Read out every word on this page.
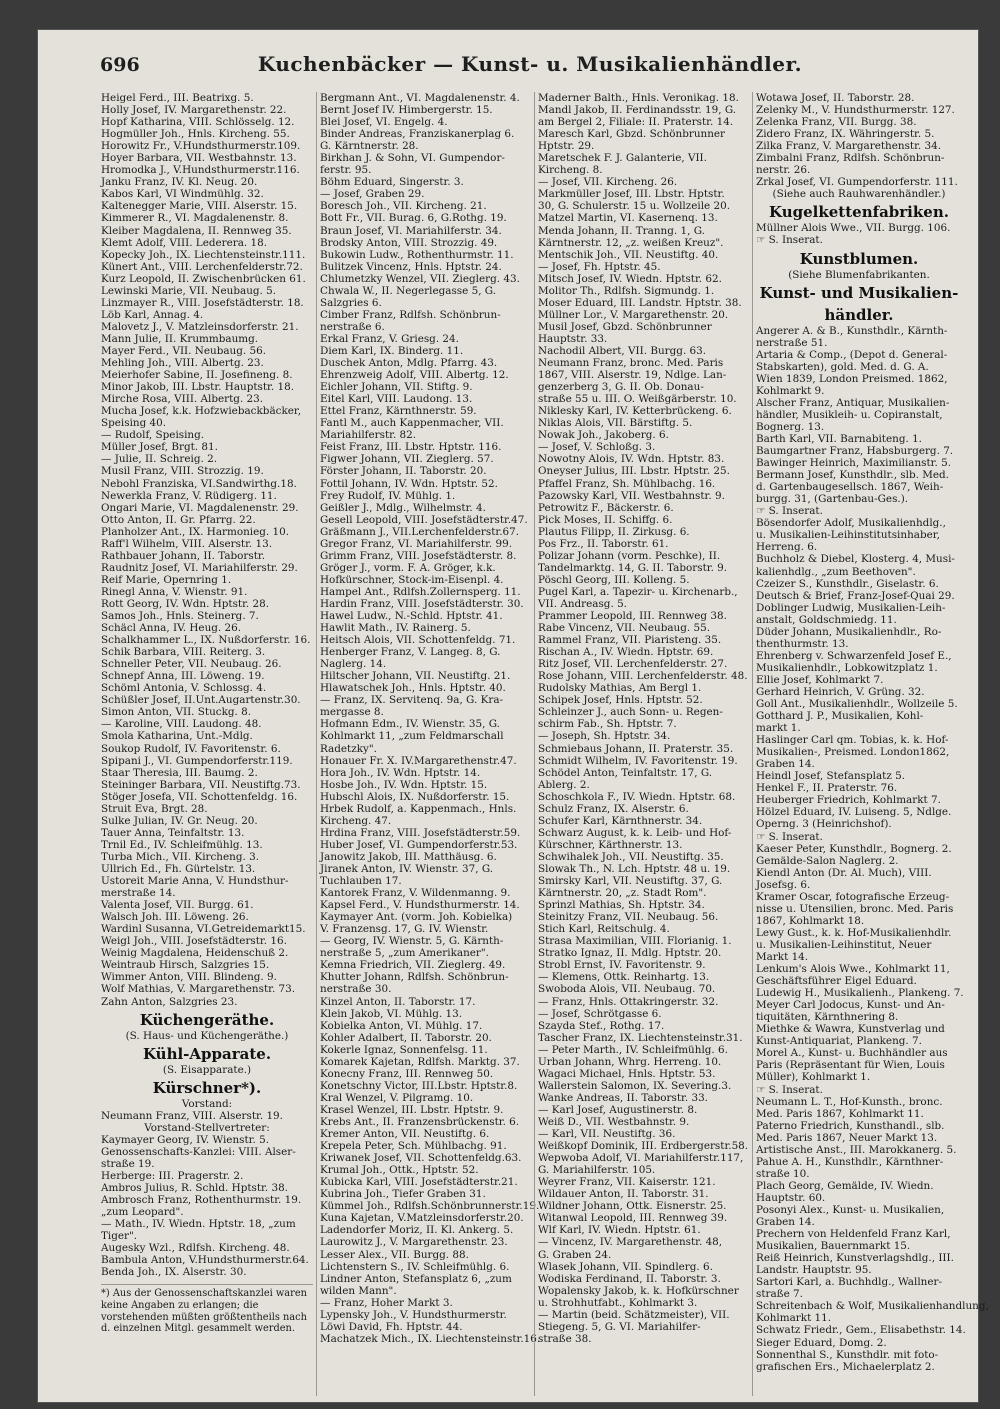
696	Kuchenbäcker — Kunst- u. Musikalienhändler.
Heigel Ferd., III. Beatrixg. 5.
Holly Josef, IV. Margarethenstr. 22.
Hopf Katharina, VIII. Schlösselg. 12.
Hogmüller Joh., Hnls. Kircheng. 55.
Horowitz Fr., V.Hundsthurmerstr.109.
Hoyer Barbara, VII. Westbahnstr. 13.
Hromodka J., V.Hundsthurmerstr.116.
Janku Franz, IV. Kl. Neug. 20.
Kabos Karl, VI Windmühlg. 32.
Kaltenegger Marie, VIII. Alserstr. 15.
Kimmerer R., VI. Magdalenenstr. 8.
Kleiber Magdalena, II. Rennweg 35.
Klemt Adolf, VIII. Lederera. 18.
Kopecky Joh., IX. Liechtensteinstr.111.
Künert Ant., VIII. Lerchenfelderstr.72.
Kurz Leopold, II. Zwischenbrücken 61.
Lewinski Marie, VII. Neubaug. 5.
Linzmayer R., VIII. Josefstädterstr. 18.
Löb Karl, Annag. 4.
Malovetz J., V. Matzleinsdorferstr. 21.
Mann Julie, II. Krummbaumg.
Mayer Ferd., VII. Neubaug. 56.
Mehling Joh., VIII. Albertg. 23.
Meierhofer Sabine, II. Josefineng. 8.
Minor Jakob, III. Lbstr. Hauptstr. 18.
Mirche Rosa, VIII. Albertg. 23.
Mucha Josef, k.k. Hofzwiebackbäcker,
Speising 40.
— Rudolf, Speising.
Müller Josef, Brgt. 81.
— Julie, II. Schreig. 2.
Musil Franz, VIII. Strozzig. 19.
Nebohl Franziska, VI.Sandwirthg.18.
Newerkla Franz, V. Rüdigerg. 11.
Ongari Marie, VI. Magdalenenstr. 29.
Otto Anton, II. Gr. Pfarrg. 22.
Planholzer Ant., IX. Harmonieg. 10.
Raff'l Wilhelm, VIII. Alserstr. 13.
Rathbauer Johann, II. Taborstr.
Raudnitz Josef, VI. Mariahilferstr. 29.
Reif Marie, Opernring 1.
Rinegl Anna, V. Wienstr. 91.
Rott Georg, IV. Wdn. Hptstr. 28.
Samos Joh., Hnls. Steinerg. 7.
Schäcl Anna, IV. Heug. 26.
Schalkhammer L., IX. Nußdorferstr. 16.
Schik Barbara, VIII. Reiterg. 3.
Schneller Peter, VII. Neubaug. 26.
Schnepf Anna, III. Löweng. 19.
Schöml Antonia, V. Schlossg. 4.
Schüßler Josef, II.Unt.Augartenstr.30.
Simon Anton, VII. Stuckg. 8.
— Karoline, VIII. Laudong. 48.
Smola Katharina, Unt.-Mdlg.
Soukop Rudolf, IV. Favoritenstr. 6.
Spipani J., VI. Gumpendorferstr.119.
Staar Theresia, III. Baumg. 2.
Steininger Barbara, VII. Neustiftg.73.
Stöger Josefa, VII. Schottenfeldg. 16.
Struit Eva, Brgt. 28.
Sulke Julian, IV. Gr. Neug. 20.
Tauer Anna, Teinfaltstr. 13.
Trnil Ed., IV. Schleifmühlg. 13.
Turba Mich., VII. Kircheng. 3.
Ullrich Ed., Fh. Gürtelstr. 13.
Ustoreit Marie Anna, V. Hundsthur-
merstraße 14.
Valenta Josef, VII. Burgg. 61.
Walsch Joh. III. Löweng. 26.
Wardinl Susanna, VI.Getreidemarkt15.
Weigl Joh., VIII. Josefstädterstr. 16.
Weinig Magdalena, Heidenschuß 2.
Weintraub Hirsch, Salzgries 15.
Wimmer Anton, VIII. Blindeng. 9.
Wolf Mathias, V. Margarethenstr. 73.
Zahn Anton, Salzgries 23.
Küchengeräthe.
(S. Haus- und Küchengeräthe.)
Kühl-Apparate.
(S. Eisapparate.)
Kürschner*).
Vorstand:
Neumann Franz, VIII. Alserstr. 19.
Vorstand-Stellvertreter:
Kaymayer Georg, IV. Wienstr. 5.
Genossenschafts-Kanzlei: VIII. Alser-
straße 19.
Herberge: III. Pragerstr. 2.
Ambros Julius, R. Schld. Hptstr. 38.
Ambrosch Franz, Rothenthurmstr. 19.
„zum Leopard".
— Math., IV. Wiedn. Hptstr. 18, „zum
Tiger".
Augesky Wzl., Rdlfsh. Kircheng. 48.
Bambula Anton, V.Hundsthurmerstr.64.
Benda Joh., IX. Alserstr. 30.
*) Aus der Genossenschaftskanzlei waren keine Angaben zu erlangen; die vorstehenden müßten größtentheils nach d. einzelnen Mitgl. gesammelt werden.
Bergmann Ant., VI. Magdalenenstr. 4.
Bernt Josef IV. Himbergerstr. 15.
Blei Josef, VI. Engelg. 4.
Binder Andreas, Franziskanerplag 6.
G. Kärntnerstr. 28.
Birkhan J. & Sohn, VI. Gumpendor-
ferstr. 95.
Böhm Eduard, Singerstr. 3.
— Josef, Graben 29.
Boresch Joh., VII. Kircheng. 21.
Bott Fr., VII. Burag. 6, G.Rothg. 19.
Braun Josef, VI. Mariahilferstr. 34.
Brodsky Anton, VIII. Strozzig. 49.
Bukowin Ludw., Rothenthurmstr. 11.
Bulitzek Vincenz, Hnls. Hptstr. 24.
Chlumetzky Wenzel, VII. Zieglerg. 43.
Chwala W., II. Negerlegasse 5, G.
Salzgries 6.
Cimber Franz, Rdlfsh. Schönbrun-
nerstraße 6.
Erkal Franz, V. Griesg. 24.
Diem Karl, IX. Binderg. 11.
Duschek Anton, Mdlg. Pfarrg. 43.
Ehrenzweig Adolf, VIII. Albertg. 12.
Eichler Johann, VII. Stiftg. 9.
Eitel Karl, VIII. Laudong. 13.
Ettel Franz, Kärnthnerstr. 59.
Fantl M., auch Kappenmacher, VII.
Mariahilferstr. 82.
Feist Franz, III. Lbstr. Hptstr. 116.
Figwer Johann, VII. Zieglerg. 57.
Förster Johann, II. Taborstr. 20.
Fottil Johann, IV. Wdn. Hptstr. 52.
Frey Rudolf, IV. Mühlg. 1.
Geißler J., Mdlg., Wilhelmstr. 4.
Gesell Leopold, VIII. Josefstädterstr.47.
Gräßmann J., VII.Lerchenfelderstr.67.
Gregor Franz, VI. Mariahilferstr. 99.
Grimm Franz, VIII. Josefstädterstr. 8.
Gröger J., vorm. F. A. Gröger, k.k.
Hofkürschner, Stock-im-Eisenpl. 4.
Hampel Ant., Rdlfsh.Zollernsperg. 11.
Hardin Franz, VIII. Josefstädterstr. 30.
Hawel Ludw., N.-Schld. Hptstr. 41.
Hawlit Math., IV. Rainerg. 5.
Heitsch Alois, VII. Schottenfeldg. 71.
Henberger Franz, V. Langeg. 8, G.
Naglerg. 14.
Hiltscher Johann, VII. Neustiftg. 21.
Hlawatschek Joh., Hnls. Hptstr. 40.
— Franz, IX. Servitenq. 9a, G. Kra-
mergasse 8.
Hofmann Edm., IV. Wienstr. 35, G.
Kohlmarkt 11, „zum Feldmarschall
Radetzky".
Honauer Fr. X. IV.Margarethenstr.47.
Hora Joh., IV. Wdn. Hptstr. 14.
Hosbe Joh., IV. Wdn. Hptstr. 15.
Hubschl Alois, IX. Nußdorferstr. 15.
Hrbek Rudolf, a. Kappenmach., Hnls.
Kircheng. 47.
Hrdina Franz, VIII. Josefstädterstr.59.
Huber Josef, VI. Gumpendorferstr.53.
Janowitz Jakob, III. Matthäusg. 6.
Jiranek Anton, IV. Wienstr. 37, G.
Tuchlauben 17.
Kantorek Franz, V. Wildenmanng. 9.
Kapsel Ferd., V. Hundsthurmerstr. 14.
Kaymayer Ant. (vorm. Joh. Kobielka)
V. Franzensg. 17, G. IV. Wienstr.
— Georg, IV. Wienstr. 5, G. Kärnth-
nerstraße 5, „zum Amerikaner".
Kemna Friedrich, VII. Zieglerg. 49.
Khutter Johann, Rdlfsh. Schönbrun-
nerstraße 30.
Kinzel Anton, II. Taborstr. 17.
Klein Jakob, VI. Mühlg. 13.
Kobielka Anton, VI. Mühlg. 17.
Kohler Adalbert, II. Taborstr. 20.
Kokerle Ignaz, Sonnenfelsg. 11.
Komarek Kajetan, Rdlfsh. Marktg. 37.
Konecny Franz, III. Rennweg 50.
Konetschny Victor, III.Lbstr. Hptstr.8.
Kral Wenzel, V. Pilgramg. 10.
Krasel Wenzel, III. Lbstr. Hptstr. 9.
Krebs Ant., II. Franzensbrückenstr. 6.
Kremer Anton, VII. Neustiftg. 6.
Krepela Peter, Sch. Mühlbachg. 91.
Kriwanek Josef, VII. Schottenfeldg.63.
Krumal Joh., Ottk., Hptstr. 52.
Kubicka Karl, VIII. Josefstädterstr.21.
Kubrina Joh., Tiefer Graben 31.
Kümmel Joh., Rdlfsh.Schönbrunnerstr.19.
Kuna Kajetan, V.Matzleinsdorferstr.20.
Ladendorfer Moriz, II. Kl. Ankerg. 5.
Laurowitz J., V. Margarethenstr. 23.
Lesser Alex., VII. Burgg. 88.
Lichtenstern S., IV. Schleifmühlg. 6.
Lindner Anton, Stefansplatz 6, „zum
wilden Mann".
— Franz, Hoher Markt 3.
Lypensky Joh., V. Hundsthurmerstr.
Löwi David, Fh. Hptstr. 44.
Machatzek Mich., IX. Liechtensteinstr.16.
Maderner Balth., Hnls. Veronikag. 18.
Mandl Jakob, II. Ferdinandsstr. 19, G.
am Bergel 2, Filiale: II. Praterstr. 14.
Maresch Karl, Gbzd. Schönbrunner
Hptstr. 29.
Maretschek F. J. Galanterie, VII.
Kircheng. 8.
— Josef, VII. Kircheng. 26.
Markmüller Josef, III. Lbstr. Hptstr.
30, G. Schulerstr. 15 u. Wollzeile 20.
Matzel Martin, VI. Kasernenq. 13.
Menda Johann, II. Tranng. 1, G.
Kärntnerstr. 12, „z. weißen Kreuz".
Mentschik Joh., VII. Neustiftg. 40.
— Josef, Fh. Hptstr. 45.
Mitsch Josef, IV. Wiedn. Hptstr. 62.
Molitor Th., Rdlfsh. Sigmundg. 1.
Moser Eduard, III. Landstr. Hptstr. 38.
Müllner Lor., V. Margarethenstr. 20.
Musil Josef, Gbzd. Schönbrunner
Hauptstr. 33.
Nachodil Albert, VII. Burgg. 63.
Neumann Franz, bronc. Med. Paris
1867, VIII. Alserstr. 19, Ndlge. Lan-
genzerberg 3, G. II. Ob. Donau-
straße 55 u. III. O. Weißgärberstr. 10.
Niklesky Karl, IV. Ketterbrückeng. 6.
Niklas Alois, VII. Bärstiftg. 5.
Nowak Joh., Jakoberg. 6.
— Josef, V. Schloßg. 3.
Nowotny Alois, IV. Wdn. Hptstr. 83.
Oneyser Julius, III. Lbstr. Hptstr. 25.
Pfaffel Franz, Sh. Mühlbachg. 16.
Pazowsky Karl, VII. Westbahnstr. 9.
Petrowitz F., Bäckerstr. 6.
Pick Moses, II. Schiffg. 6.
Plautus Filipp, II. Zirkusg. 6.
Pos Frz., II. Taborstr. 61.
Polizar Johann (vorm. Peschke), II.
Tandelmarktg. 14, G. II. Taborstr. 9.
Pöschl Georg, III. Kolleng. 5.
Pugel Karl, a. Tapezir- u. Kirchenarb.,
VII. Andreasg. 5.
Prammer Leopold, III. Rennweg 38.
Rabe Vincenz, VII. Neubaug. 55.
Rammel Franz, VII. Piaristeng. 35.
Rischan A., IV. Wiedn. Hptstr. 69.
Ritz Josef, VII. Lerchenfelderstr. 27.
Rose Johann, VIII. Lerchenfelderstr. 48.
Rudolsky Mathias, Am Bergl 1.
Schipek Josef, Hnls. Hptstr. 52.
Schleinzer J., auch Sonn- u. Regen-
schirm Fab., Sh. Hptstr. 7.
— Joseph, Sh. Hptstr. 34.
Schmiebaus Johann, II. Praterstr. 35.
Schmidt Wilhelm, IV. Favoritenstr. 19.
Schödel Anton, Teinfaltstr. 17, G.
Ablerg. 2.
Schoschkola F., IV. Wiedn. Hptstr. 68.
Schulz Franz, IX. Alserstr. 6.
Schufer Karl, Kärnthnerstr. 34.
Schwarz August, k. k. Leib- und Hof-
Kürschner, Kärthnerstr. 13.
Schwihalek Joh., VII. Neustiftg. 35.
Slowak Th., N. Lch. Hptstr. 48 u. 19.
Smirsky Karl, VII. Neustiftg. 37, G.
Kärntnerstr. 20, „z. Stadt Rom".
Sprinzl Mathias, Sh. Hptstr. 34.
Steinitzy Franz, VII. Neubaug. 56.
Stich Karl, Reitschulg. 4.
Strasa Maximilian, VIII. Florianig. 1.
Stratko Ignaz, II. Mdlg. Hptstr. 20.
Strobl Ernst, IV. Favoritenstr. 9.
— Klemens, Ottk. Reinhartg. 13.
Swoboda Alois, VII. Neubaug. 70.
— Franz, Hnls. Ottakringerstr. 32.
— Josef, Schrötgasse 6.
Szayda Stef., Rothg. 17.
Tascher Franz, IX. Liechtensteinstr.31.
— Peter Marth., IV. Schleifmühlg. 6.
Urban Johann, Whrg. Herreng. 10.
Wagaci Michael, Hnls. Hptstr. 53.
Wallerstein Salomon, IX. Severing.3.
Wanke Andreas, II. Taborstr. 33.
— Karl Josef, Augustinerstr. 8.
Weiß D., VII. Westbahnstr. 9.
— Karl, VII. Neustiftg. 36.
Weißkopf Dominik, III. Erdbergerstr.58.
Wepwoba Adolf, VI. Mariahilferstr.117,
G. Mariahilferstr. 105.
Weyrer Franz, VII. Kaiserstr. 121.
Wildauer Anton, II. Taborstr. 31.
Wildner Johann, Ottk. Eisnerstr. 25.
Witanwal Leopold, III. Rennweg 39.
Wlf Karl, IV. Wiedn. Hptstr. 61.
— Vincenz, IV. Margarethenstr. 48,
G. Graben 24.
Wlasek Johann, VII. Spindlerg. 6.
Wodiska Ferdinand, II. Taborstr. 3.
Wopalensky Jakob, k. k. Hofkürschner
u. Strohhutfabt., Kohlmarkt 3.
— Martin (beid. Schätzmeister), VII.
Stiegeng. 5, G. VI. Mariahilfer-
straße 38.
Wotawa Josef, II. Taborstr. 28.
Zelenky M., V. Hundsthurmerstr. 127.
Zelenka Franz, VII. Burgg. 38.
Zidero Franz, IX. Währingerstr. 5.
Zilka Franz, V. Margarethenstr. 34.
Zimbalni Franz, Rdlfsh. Schönbrun-
nerstr. 26.
Zrkal Josef, VI. Gumpendorferstr. 111.
(Siehe auch Rauhwarenhändler.)
Kugelkettenfabriken.
Müllner Alois Wwe., VII. Burgg. 106.
☞ S. Inserat.
Kunstblumen.
(Siehe Blumenfabrikanten.
Kunst- und Musikalien-
händler.
Angerer A. & B., Kunsthdlr., Kärnth-
nerstraße 51.
Artaria & Comp., (Depot d. General-
Stabskarten), gold. Med. d. G. A.
Wien 1839, London Preismed. 1862,
Kohlmarkt 9.
Alscher Franz, Antiquar, Musikalien-
händler, Musikleih- u. Copiranstalt,
Bognerg. 13.
Barth Karl, VII. Barnabiteng. 1.
Baumgartner Franz, Habsburgerg. 7.
Bawinger Heinrich, Maximilianstr. 5.
Bermann Josef, Kunsthdlr., slb. Med.
d. Gartenbaugesellsch. 1867, Weih-
burgg. 31, (Gartenbau-Ges.).
☞ S. Inserat.
Bösendorfer Adolf, Musikalienhdlg.,
u. Musikalien-Leihinstitutsinhaber,
Herreng. 6.
Buchholz & Diebel, Klosterg. 4, Musi-
kalienhdlg., „zum Beethoven".
Czeizer S., Kunsthdlr., Giselastr. 6.
Deutsch & Brief, Franz-Josef-Quai 29.
Doblinger Ludwig, Musikalien-Leih-
anstalt, Goldschmiedg. 11.
Düder Johann, Musikalienhdlr., Ro-
thenthurmstr. 13.
Ehrenberg v. Schwarzenfeld Josef E.,
Musikalienhdlr., Lobkowitzplatz 1.
Ellie Josef, Kohlmarkt 7.
Gerhard Heinrich, V. Grüng. 32.
Goll Ant., Musikalienhdlr., Wollzeile 5.
Gotthard J. P., Musikalien, Kohl-
markt 1.
Haslinger Carl qm. Tobias, k. k. Hof-
Musikalien-, Preismed. London1862,
Graben 14.
Heindl Josef, Stefansplatz 5.
Henkel F., II. Praterstr. 76.
Heuberger Friedrich, Kohlmarkt 7.
Hölzel Eduard, IV. Luiseng. 5, Ndlge.
Operng. 3 (Heinrichshof).
☞ S. Inserat.
Kaeser Peter, Kunsthdlr., Bognerg. 2.
Gemälde-Salon Naglerg. 2.
Kiendl Anton (Dr. Al. Much), VIII.
Josefsg. 6.
Kramer Oscar, fotografische Erzeug-
nisse u. Utensilien, bronc. Med. Paris
1867, Kohlmarkt 18.
Lewy Gust., k. k. Hof-Musikalienhdlr.
u. Musikalien-Leihinstitut, Neuer
Markt 14.
Lenkum's Alois Wwe., Kohlmarkt 11,
Geschäftsführer Eigel Eduard.
Ludewig H., Musikalienh., Plankeng. 7.
Meyer Carl Jodocus, Kunst- und An-
tiquitäten, Kärnthnering 8.
Miethke & Wawra, Kunstverlag und
Kunst-Antiquariat, Plankeng. 7.
Morel A., Kunst- u. Buchhändler aus
Paris (Repräsentant für Wien, Louis
Müller), Kohlmarkt 1.
☞ S. Inserat.
Neumann L. T., Hof-Kunsth., bronc.
Med. Paris 1867, Kohlmarkt 11.
Paterno Friedrich, Kunsthandl., slb.
Med. Paris 1867, Neuer Markt 13.
Artistische Anst., III. Marokkanerg. 5.
Pahue A. H., Kunsthdlr., Kärnthner-
straße 10.
Plach Georg, Gemälde, IV. Wiedn.
Hauptstr. 60.
Posonyi Alex., Kunst- u. Musikalien,
Graben 14.
Prechern von Heldenfeld Franz Karl,
Musikalien, Bauernmarkt 15.
Reiß Heinrich, Kunstverlagshdlg., III.
Landstr. Hauptstr. 95.
Sartori Karl, a. Buchhdlg., Wallner-
straße 7.
Schreitenbach & Wolf, Musikalienhandlung,
Kohlmarkt 11.
Schwatz Friedr., Gem., Elisabethstr. 14.
Sieger Eduard, Domg. 2.
Sonnenthal S., Kunsthdlr. mit foto-
grafischen Ers., Michaelerplatz 2.
